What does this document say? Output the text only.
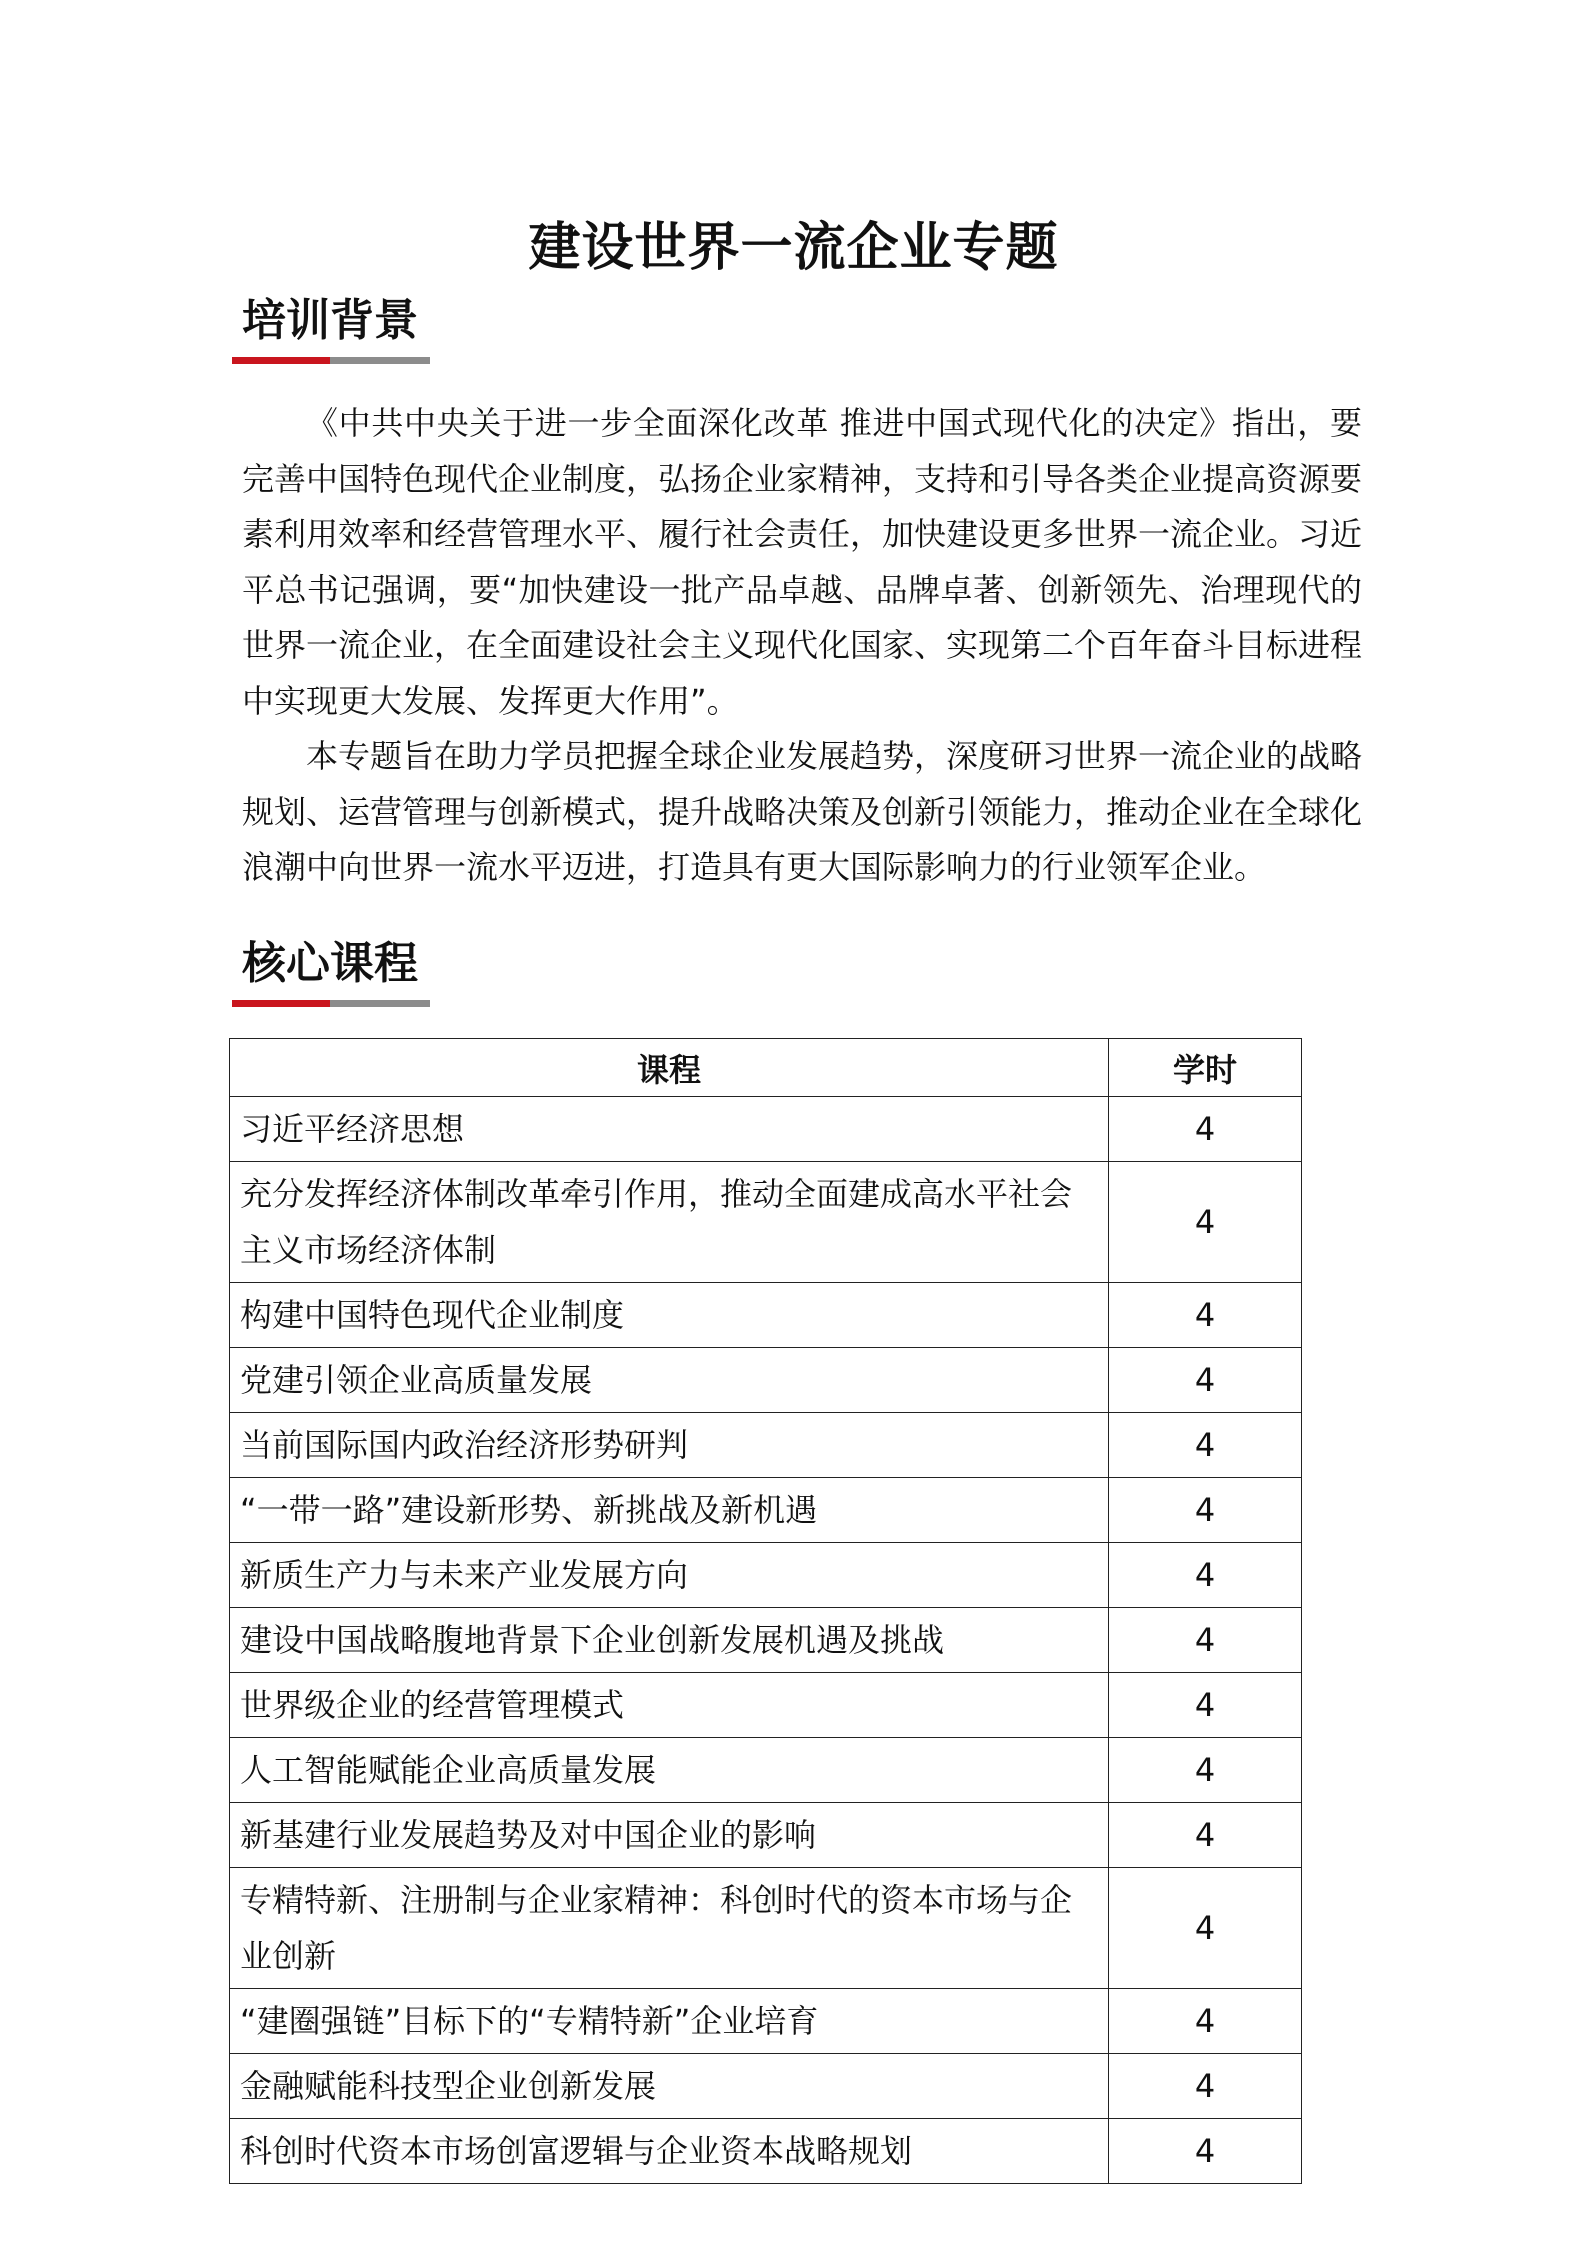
建设世界一流企业专题
培训背景

《中共中央关于进一步全面深化改革 推进中国式现代化的决定》指出，要完善中国特色现代企业制度，弘扬企业家精神，支持和引导各类企业提高资源要素利用效率和经营管理水平、履行社会责任，加快建设更多世界一流企业。习近平总书记强调，要“加快建设一批产品卓越、品牌卓著、创新领先、治理现代的世界一流企业，在全面建设社会主义现代化国家、实现第二个百年奋斗目标进程中实现更大发展、发挥更大作用”。

本专题旨在助力学员把握全球企业发展趋势，深度研习世界一流企业的战略规划、运营管理与创新模式，提升战略决策及创新引领能力，推动企业在全球化浪潮中向世界一流水平迈进，打造具有更大国际影响力的行业领军企业。

核心课程
课程	学时
习近平经济思想	4
充分发挥经济体制改革牵引作用，推动全面建成高水平社会主义市场经济体制	4
构建中国特色现代企业制度	4
党建引领企业高质量发展	4
当前国际国内政治经济形势研判	4
“一带一路”建设新形势、新挑战及新机遇	4
新质生产力与未来产业发展方向	4
建设中国战略腹地背景下企业创新发展机遇及挑战	4
世界级企业的经营管理模式	4
人工智能赋能企业高质量发展	4
新基建行业发展趋势及对中国企业的影响	4
专精特新、注册制与企业家精神：科创时代的资本市场与企业创新	4
“建圈强链”目标下的“专精特新”企业培育	4
金融赋能科技型企业创新发展	4
科创时代资本市场创富逻辑与企业资本战略规划	4
